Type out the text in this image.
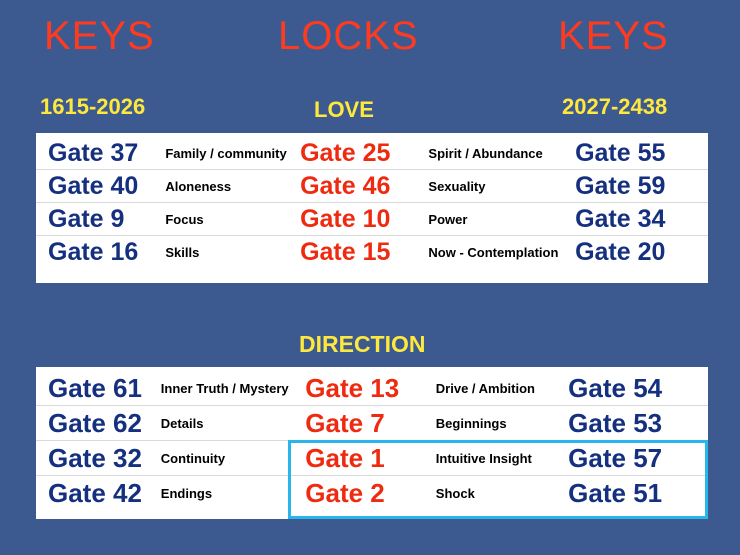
KEYS	LOCKS	KEYS
1615-2026	LOVE	2027-2438
Gate 37	Family / community Gate 25	Spirit / Abundance	Gate 55
Gate 40	Aloneness	Gate 46	Sexuality	Gate 59
Gate 9	Focus	Gate 10	Power	Gate 34
Gate 16	Skills	Gate 15	Now - Contemplation Gate 20
DIRECTION
Gate 61	Inner Truth / Mystery Gate 13	Drive / Ambition	Gate 54
Gate 62	Details	Gate 7	Beginnings	Gate 53
Gate 32	Continuity	Gate 1	Intuitive Insight	Gate 57
Gate 42	Endings	Gate 2	Shock	Gate 51
